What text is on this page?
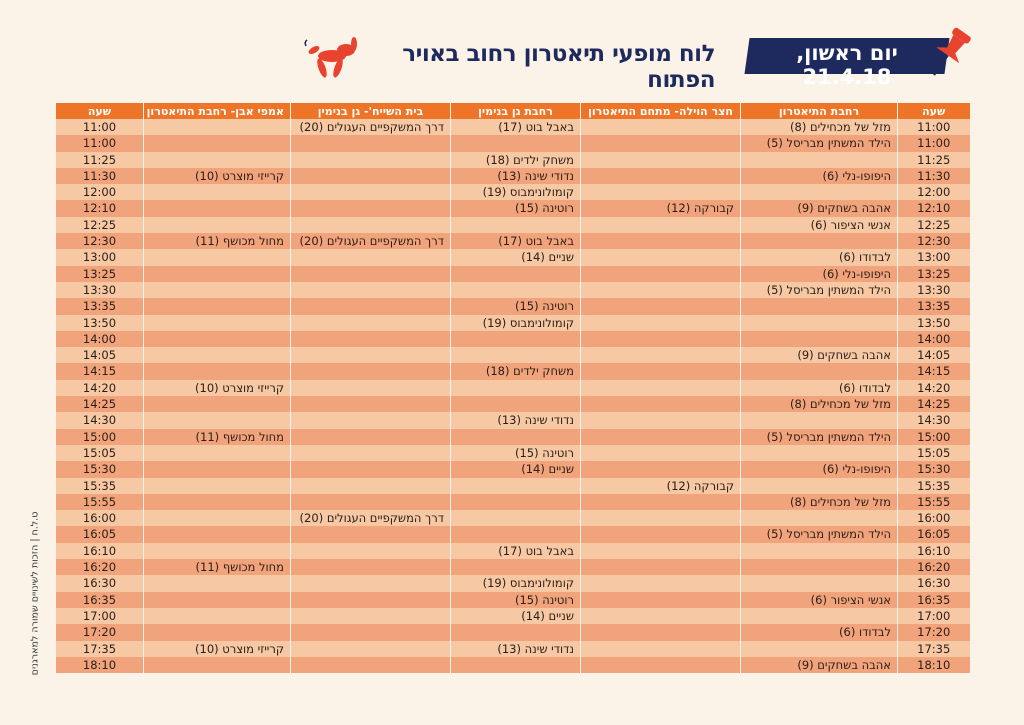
יום ראשון, 21.4.18
לוח מופעי תיאטרון רחוב באויר הפתוח
ט.ל.ח | הזכות לשינויים שמורה למארגנים
שעה	רחבת התיאטרון	חצר הוילה- מתחם התיאטרון	רחבת גן בנימין	בית השייח'- גן בנימין	אמפי אבן- רחבת התיאטרון	שעה
11:00	מזל של מכחילים (8)		באבל בוט (17)	דרך המשקפיים העגולים (20)		11:00
11:00	הילד המשתין מבריסל (5)					11:00
11:25			משחק ילדים (18)			11:25
11:30	היפופו-נלי (6)		נדודי שינה (13)		קרייזי מוצרט (10)	11:30
12:00			קומולונימבוס (19)			12:00
12:10	אהבה בשחקים (9)	קבורקה (12)	רוטינה (15)			12:10
12:25	אנשי הציפור (6)					12:25
12:30			באבל בוט (17)	דרך המשקפיים העגולים (20)	מחול מכושף (11)	12:30
13:00	לבדודו (6)		שניים (14)			13:00
13:25	היפופו-נלי (6)					13:25
13:30	הילד המשתין מבריסל (5)					13:30
13:35			רוטינה (15)			13:35
13:50			קומולונימבוס (19)			13:50
14:00						14:00
14:05	אהבה בשחקים (9)					14:05
14:15			משחק ילדים (18)			14:15
14:20	לבדודו (6)				קרייזי מוצרט (10)	14:20
14:25	מזל של מכחילים (8)					14:25
14:30			נדודי שינה (13)			14:30
15:00	הילד המשתין מבריסל (5)				מחול מכושף (11)	15:00
15:05			רוטינה (15)			15:05
15:30	היפופו-נלי (6)		שניים (14)			15:30
15:35		קבורקה (12)				15:35
15:55	מזל של מכחילים (8)					15:55
16:00				דרך המשקפיים העגולים (20)		16:00
16:05	הילד המשתין מבריסל (5)					16:05
16:10			באבל בוט (17)			16:10
16:20					מחול מכושף (11)	16:20
16:30			קומולונימבוס (19)			16:30
16:35	אנשי הציפור (6)		רוטינה (15)			16:35
17:00			שניים (14)			17:00
17:20	לבדודו (6)					17:20
17:35			נדודי שינה (13)		קרייזי מוצרט (10)	17:35
18:10	אהבה בשחקים (9)					18:10
